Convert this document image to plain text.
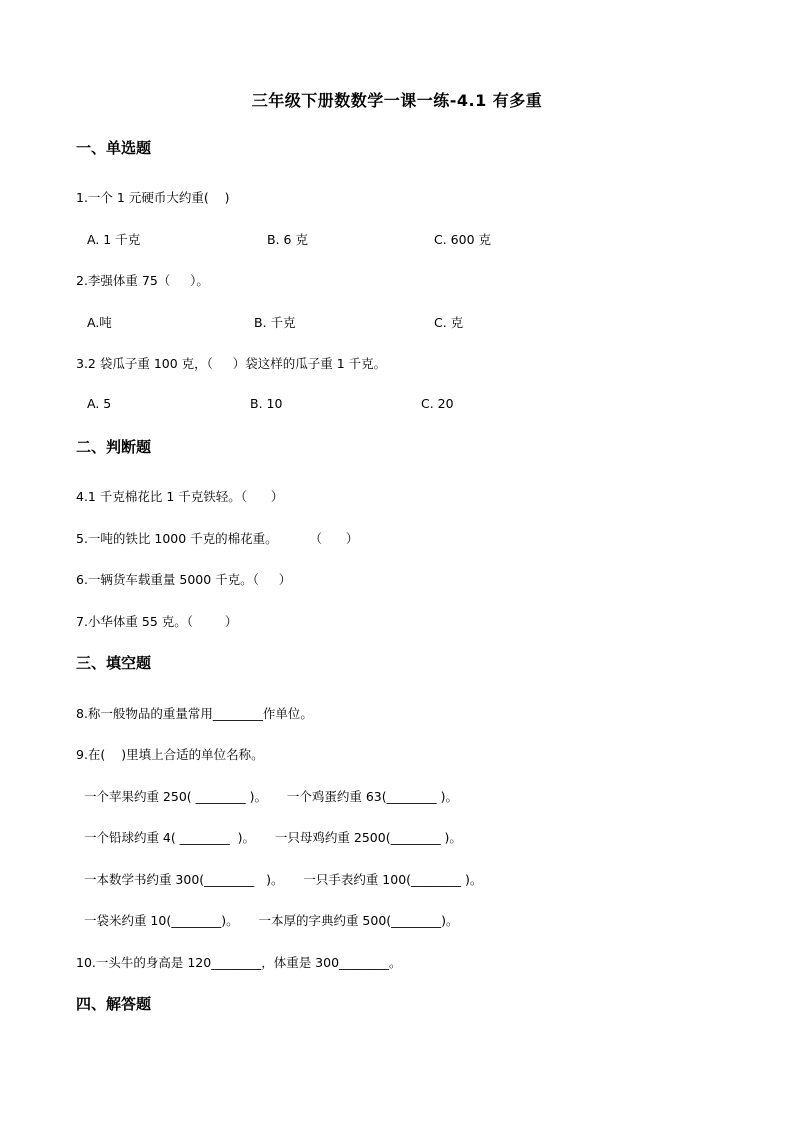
三年级下册数数学一课一练-4.1 有多重
一、单选题
1.一个 1 元硬币大约重(    )
A. 1 千克	B. 6 克	C. 600 克
2.李强体重 75（     ）。
A.吨	B. 千克	C. 克
3.2 袋瓜子重 100 克，（     ）袋这样的瓜子重 1 千克。
A. 5	B. 10	C. 20
二、判断题
4.1 千克棉花比 1 千克铁轻。（      ）
5.一吨的铁比 1000 千克的棉花重。        （      ）
6.一辆货车载重量 5000 千克。（     ）
7.小华体重 55 克。（        ）
三、填空题
8.称一般物品的重量常用________作单位。
9.在(    )里填上合适的单位名称。
一个苹果约重 250( ________ )。     一个鸡蛋约重 63(________ )。
一个铅球约重 4( ________  )。     一只母鸡约重 2500(________ )。
一本数学书约重 300(________   )。     一只手表约重 100(________ )。
一袋米约重 10(________)。     一本厚的字典约重 500(________)。
10.一头牛的身高是 120________，体重是 300________。
四、解答题
